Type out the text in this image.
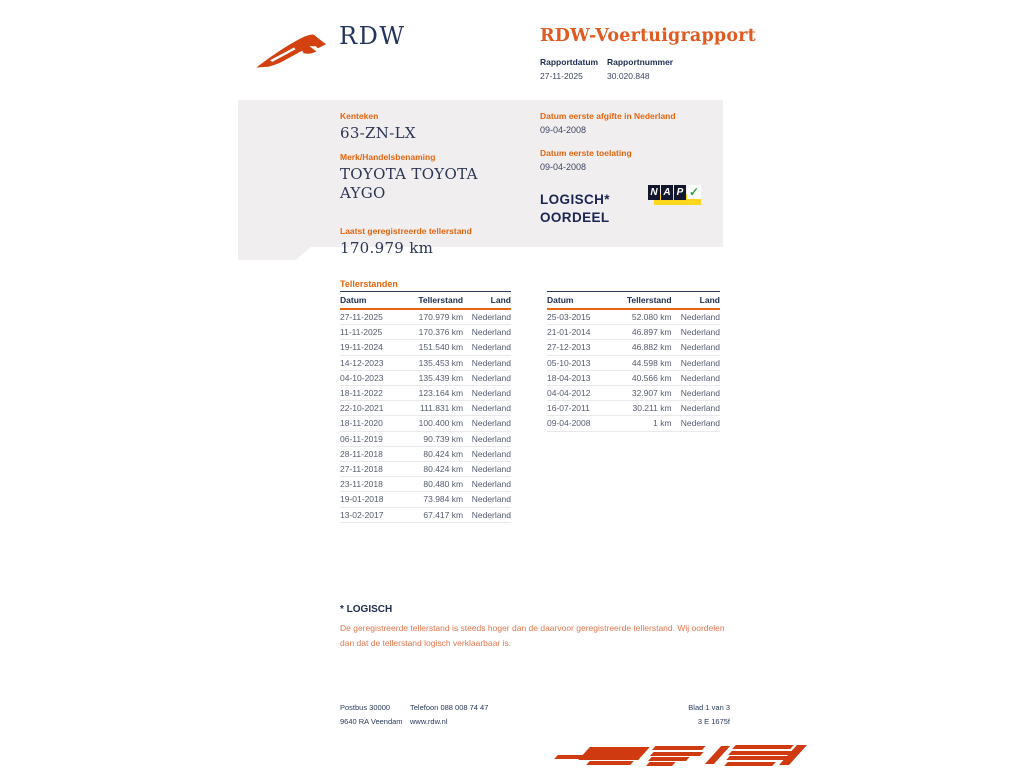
RDW	RDW-Voertuigrapport
Rapportdatum
27-11-2025
Rapportnummer
30.020.848
Kenteken
63-ZN-LX
Merk/Handelsbenaming
TOYOTA TOYOTA AYGO
Laatst geregistreerde tellerstand
170.979 km
Datum eerste afgifte in Nederland
09-04-2008
Datum eerste toelating
09-04-2008
LOGISCH*
OORDEEL
N A P ✓
Tellerstanden
Datum	Tellerstand	Land
27-11-2025	170.979 km	Nederland
11-11-2025	170.376 km	Nederland
19-11-2024	151.540 km	Nederland
14-12-2023	135.453 km	Nederland
04-10-2023	135.439 km	Nederland
18-11-2022	123.164 km	Nederland
22-10-2021	111.831 km	Nederland
18-11-2020	100.400 km	Nederland
06-11-2019	90.739 km	Nederland
28-11-2018	80.424 km	Nederland
27-11-2018	80.424 km	Nederland
23-11-2018	80.480 km	Nederland
19-01-2018	73.984 km	Nederland
13-02-2017	67.417 km	Nederland
Datum	Tellerstand	Land
25-03-2015	52.080 km	Nederland
21-01-2014	46.897 km	Nederland
27-12-2013	46.882 km	Nederland
05-10-2013	44.598 km	Nederland
18-04-2013	40.566 km	Nederland
04-04-2012	32.907 km	Nederland
16-07-2011	30.211 km	Nederland
09-04-2008	1 km	Nederland
* LOGISCH
De geregistreerde tellerstand is steeds hoger dan de daarvoor geregistreerde tellerstand. Wij oordelen dan dat de tellerstand logisch verklaarbaar is.
Postbus 30000
9640 RA Veendam
Telefoon 088 008 74 47
www.rdw.nl
Blad 1 van 3
3 E 1675f
